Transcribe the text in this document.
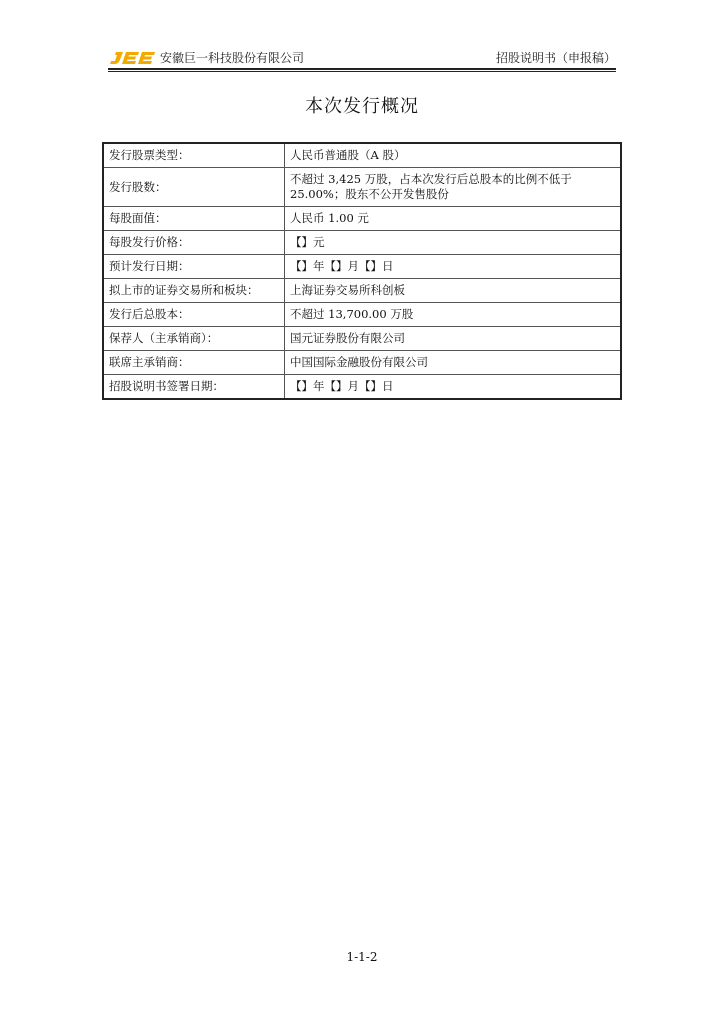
安徽巨一科技股份有限公司	招股说明书（申报稿）
本次发行概况
发行股票类型：	人民币普通股（A 股）
发行股数：	不超过 3,425 万股，占本次发行后总股本的比例不低于 25.00%；股东不公开发售股份
每股面值：	人民币 1.00 元
每股发行价格：	【】元
预计发行日期：	【】年【】月【】日
拟上市的证券交易所和板块：	上海证券交易所科创板
发行后总股本：	不超过 13,700.00 万股
保荐人（主承销商）：	国元证券股份有限公司
联席主承销商：	中国国际金融股份有限公司
招股说明书签署日期：	【】年【】月【】日
1-1-2
